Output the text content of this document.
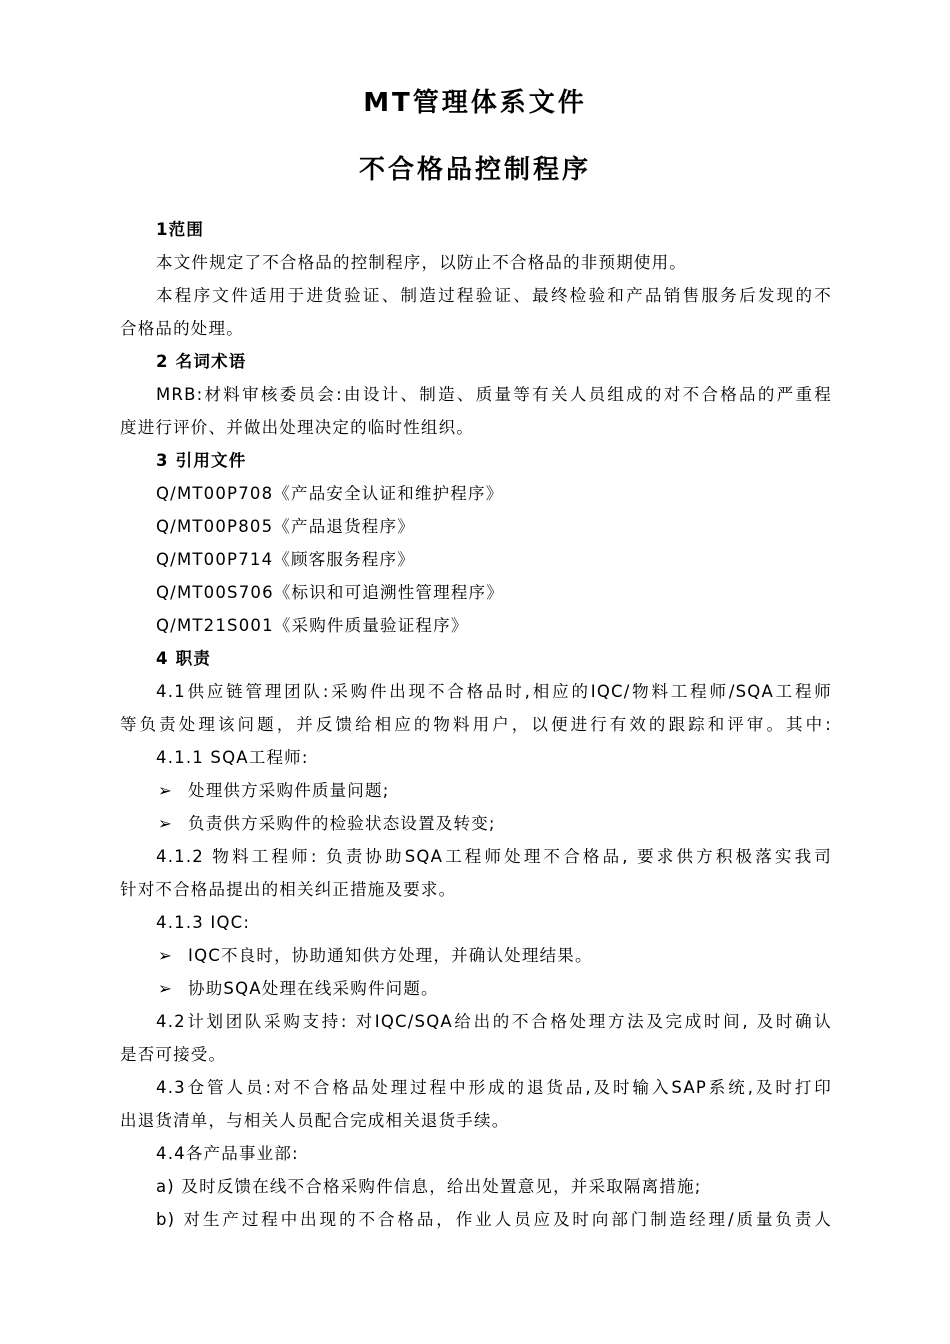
MT管理体系文件
不合格品控制程序
1范围
本文件规定了不合格品的控制程序，以防止不合格品的非预期使用。
本程序文件适用于进货验证、制造过程验证、最终检验和产品销售服务后发现的不
合格品的处理。
2 名词术语
MRB:材料审核委员会:由设计、制造、质量等有关人员组成的对不合格品的严重程
度进行评价、并做出处理决定的临时性组织。
3 引用文件
Q/MT00P708《产品安全认证和维护程序》
Q/MT00P805《产品退货程序》
Q/MT00P714《顾客服务程序》
Q/MT00S706《标识和可追溯性管理程序》
Q/MT21S001《采购件质量验证程序》
4 职责
4.1供应链管理团队:采购件出现不合格品时,相应的IQC/物料工程师/SQA工程师
等负责处理该问题，并反馈给相应的物料用户，以便进行有效的跟踪和评审。其中:
4.1.1 SQA工程师:
➢ 处理供方采购件质量问题;
➢ 负责供方采购件的检验状态设置及转变;
4.1.2 物料工程师: 负责协助SQA工程师处理不合格品, 要求供方积极落实我司
针对不合格品提出的相关纠正措施及要求。
4.1.3 IQC:
➢ IQC不良时，协助通知供方处理，并确认处理结果。
➢ 协助SQA处理在线采购件问题。
4.2计划团队采购支持: 对IQC/SQA给出的不合格处理方法及完成时间, 及时确认
是否可接受。
4.3仓管人员:对不合格品处理过程中形成的退货品,及时输入SAP系统,及时打印
出退货清单，与相关人员配合完成相关退货手续。
4.4各产品事业部:
a) 及时反馈在线不合格采购件信息，给出处置意见，并采取隔离措施;
b) 对生产过程中出现的不合格品，作业人员应及时向部门制造经理/质量负责人
